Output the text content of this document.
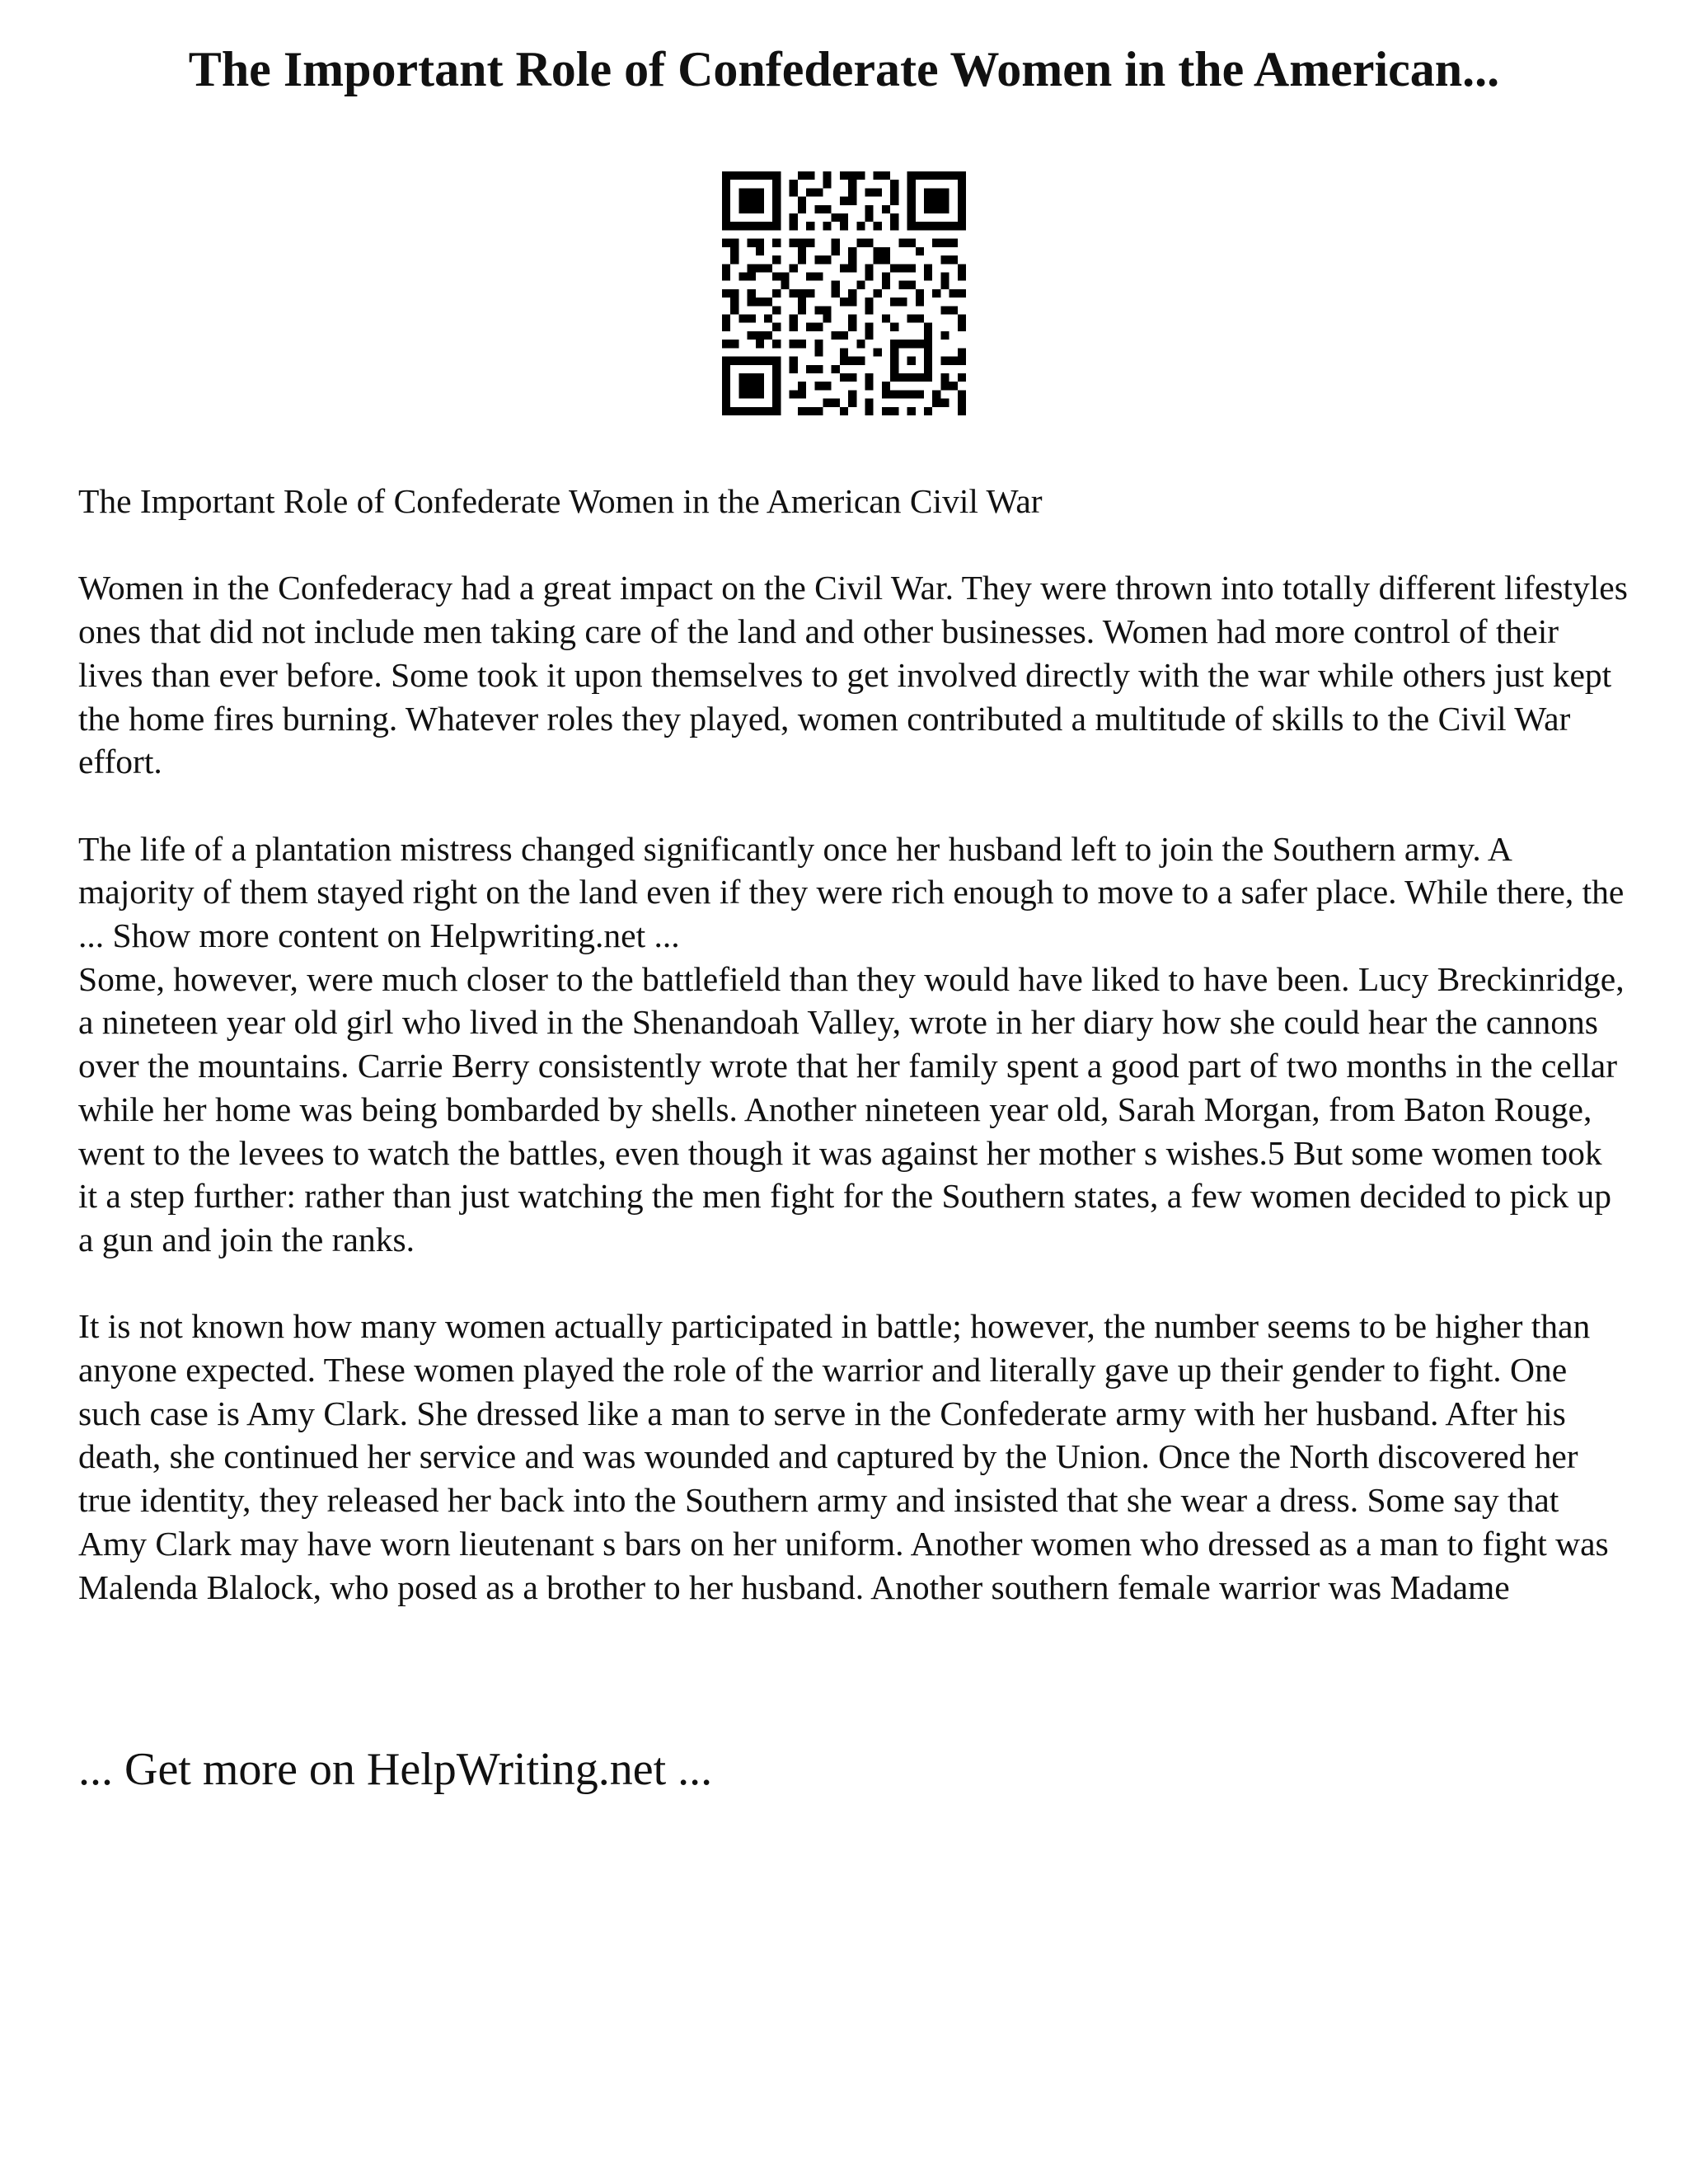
The Important Role of Confederate Women in the American...

The Important Role of Confederate Women in the American Civil War

Women in the Confederacy had a great impact on the Civil War. They were thrown into totally different lifestyles ones that did not include men taking care of the land and other businesses. Women had more control of their lives than ever before. Some took it upon themselves to get involved directly with the war while others just kept the home fires burning. Whatever roles they played, women contributed a multitude of skills to the Civil War effort.

The life of a plantation mistress changed significantly once her husband left to join the Southern army. A majority of them stayed right on the land even if they were rich enough to move to a safer place. While there, the ... Show more content on Helpwriting.net ...

Some, however, were much closer to the battlefield than they would have liked to have been. Lucy Breckinridge, a nineteen year old girl who lived in the Shenandoah Valley, wrote in her diary how she could hear the cannons over the mountains. Carrie Berry consistently wrote that her family spent a good part of two months in the cellar while her home was being bombarded by shells. Another nineteen year old, Sarah Morgan, from Baton Rouge, went to the levees to watch the battles, even though it was against her mother s wishes.5 But some women took it a step further: rather than just watching the men fight for the Southern states, a few women decided to pick up a gun and join the ranks.

It is not known how many women actually participated in battle; however, the number seems to be higher than anyone expected. These women played the role of the warrior and literally gave up their gender to fight. One such case is Amy Clark. She dressed like a man to serve in the Confederate army with her husband. After his death, she continued her service and was wounded and captured by the Union. Once the North discovered her true identity, they released her back into the Southern army and insisted that she wear a dress. Some say that Amy Clark may have worn lieutenant s bars on her uniform. Another women who dressed as a man to fight was Malenda Blalock, who posed as a brother to her husband. Another southern female warrior was Madame

... Get more on HelpWriting.net ...
